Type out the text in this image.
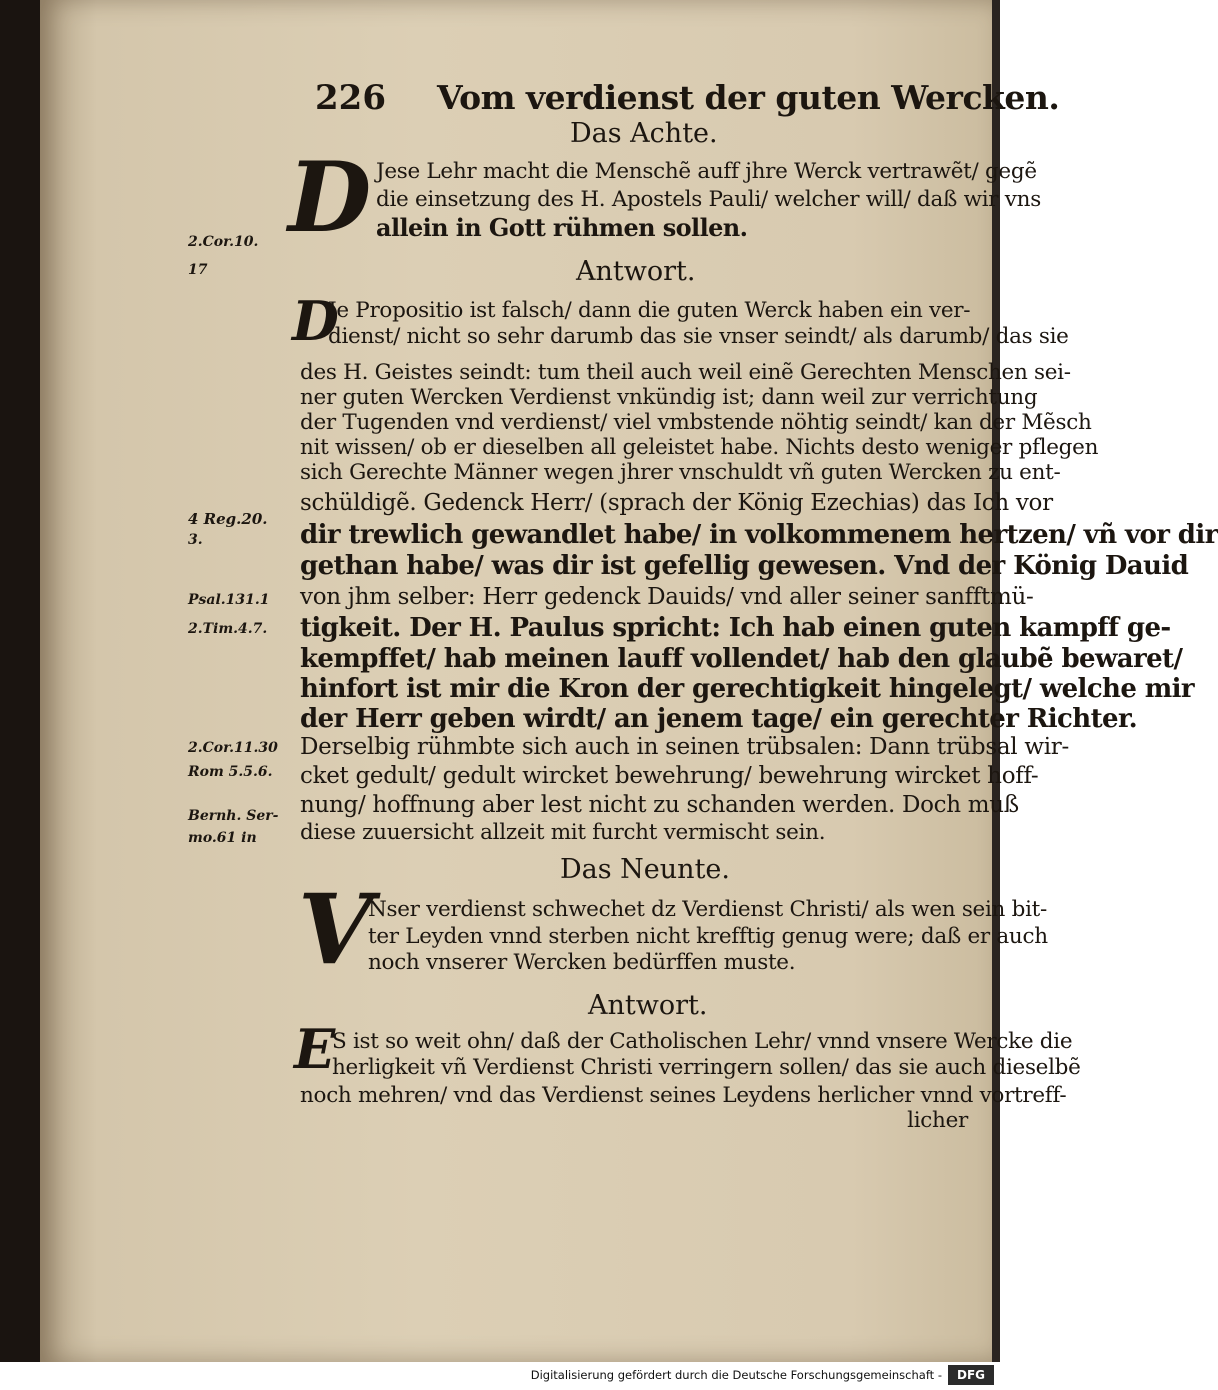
226 Vom verdienst der guten Wercken.
Das Achte.
D Jese Lehr macht die Menschẽ auff jhre Werck vertrawẽt/ gegẽ
die einsetzung des H. Apostels Pauli/ welcher will/ daß wir vns
allein in Gott rühmen sollen.
Antwort.
D
Je Propositio ist falsch/ dann die guten Werck haben ein ver-
dienst/ nicht so sehr darumb das sie vnser seindt/ als darumb/ das sie
des H. Geistes seindt: tum theil auch weil einẽ Gerechten Menschen sei-
ner guten Wercken Verdienst vnkündig ist; dann weil zur verrichtung
der Tugenden vnd verdienst/ viel vmbstende nöhtig seindt/ kan der Mẽsch
nit wissen/ ob er dieselben all geleistet habe. Nichts desto weniger pflegen
sich Gerechte Männer wegen jhrer vnschuldt vñ guten Wercken zu ent-
schüldigẽ. Gedenck Herr/ (sprach der König Ezechias) das Ich vor
dir trewlich gewandlet habe/ in volkommenem hertzen/ vñ vor dir
gethan habe/ was dir ist gefellig gewesen. Vnd der König Dauid
von jhm selber: Herr gedenck Dauids/ vnd aller seiner sanfftmü-
tigkeit. Der H. Paulus spricht: Ich hab einen guten kampff ge-
kempffet/ hab meinen lauff vollendet/ hab den glaubẽ bewaret/
hinfort ist mir die Kron der gerechtigkeit hingelegt/ welche mir
der Herr geben wirdt/ an jenem tage/ ein gerechter Richter.
Derselbig rühmbte sich auch in seinen trübsalen: Dann trübsal wir-
cket gedult/ gedult wircket bewehrung/ bewehrung wircket hoff-
nung/ hoffnung aber lest nicht zu schanden werden. Doch muß
diese zuuersicht allzeit mit furcht vermischt sein.
Das Neunte.
V
Nser verdienst schwechet dz Verdienst Christi/ als wen sein bit-
ter Leyden vnnd sterben nicht krefftig genug were; daß er auch
noch vnserer Wercken bedürffen muste.
Antwort.
E
S ist so weit ohn/ daß der Catholischen Lehr/ vnnd vnsere Wercke die
herligkeit vñ Verdienst Christi verringern sollen/ das sie auch dieselbẽ
noch mehren/ vnd das Verdienst seines Leydens herlicher vnnd vortreff-
licher
2.Cor.10.
17
4 Reg.20.
3.
Psal.131.1
2.Tim.4.7.
2.Cor.11.30
Rom 5.5.6.
Bernh. Ser-
mo.61 in
Digitalisierung gefördert durch die Deutsche Forschungsgemeinschaft -	DFG
